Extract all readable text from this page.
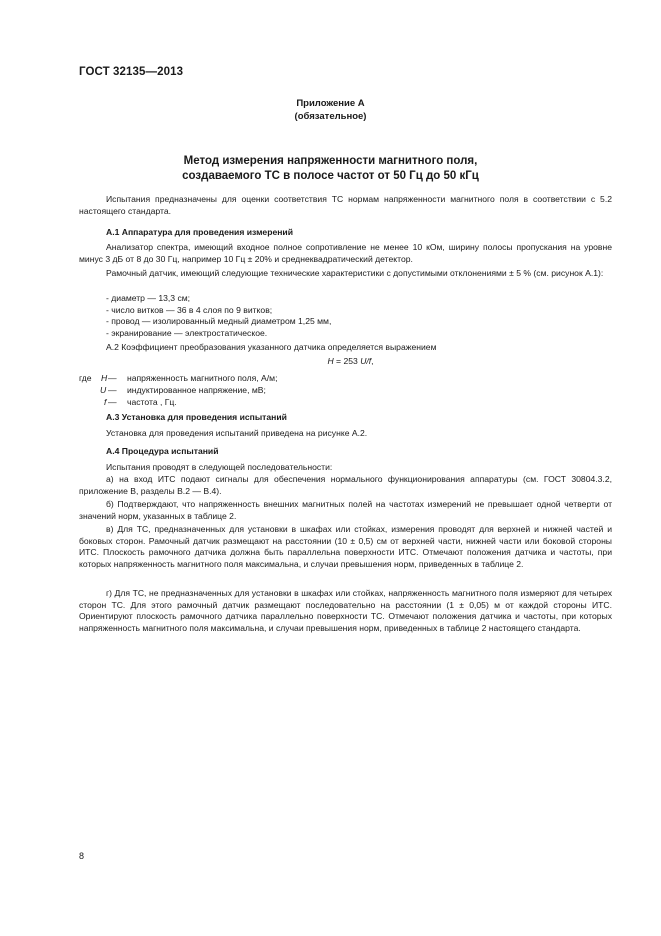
ГОСТ 32135—2013
Приложение А
(обязательное)
Метод измерения напряженности магнитного поля,
создаваемого ТС в полосе частот от 50 Гц до 50 кГц
Испытания предназначены для оценки соответствия ТС нормам напряженности магнитного поля в соответствии с 5.2 настоящего стандарта.
А.1 Аппаратура для проведения измерений
Анализатор спектра, имеющий входное полное сопротивление не менее 10 кОм, ширину полосы пропускания на уровне минус 3 дБ от 8 до 30 Гц, например 10 Гц ± 20% и среднеквадратический детектор.
Рамочный датчик, имеющий следующие технические характеристики с допустимыми отклонениями ± 5 % (см. рисунок А.1):
- диаметр — 13,3 см;
- число витков — 36 в 4 слоя по 9 витков;
- провод — изолированный медный диаметром 1,25 мм,
- экранирование — электростатическое.
А.2 Коэффициент преобразования указанного датчика определяется выражением
H = 253 U/f,
где H — напряженность магнитного поля, А/м;
U — индуктированное напряжение, мВ;
f — частота , Гц.
А.3 Установка для проведения испытаний
Установка для проведения испытаний приведена на рисунке А.2.
А.4 Процедура испытаний
Испытания проводят в следующей последовательности:
а) на вход ИТС подают сигналы для обеспечения нормального функционирования аппаратуры (см. ГОСТ 30804.3.2, приложение В, разделы В.2 — В.4).
б) Подтверждают, что напряженность внешних магнитных полей на частотах измерений не превышает одной четверти от значений норм, указанных в таблице 2.
в) Для ТС, предназначенных для установки в шкафах или стойках, измерения проводят для верхней и нижней частей и боковых сторон. Рамочный датчик размещают на расстоянии (10 ± 0,5) см от верхней части, нижней части или боковой стороны ИТС. Плоскость рамочного датчика должна быть параллельна поверхности ИТС. Отмечают положения датчика и частоты, при которых напряженность магнитного поля максимальна, и случаи превышения норм, приведенных в таблице 2.
г) Для ТС, не предназначенных для установки в шкафах или стойках, напряженность магнитного поля измеряют для четырех сторон ТС. Для этого рамочный датчик размещают последовательно на расстоянии (1 ± 0,05) м от каждой стороны ИТС. Ориентируют плоскость рамочного датчика параллельно поверхности ТС. Отмечают положения датчика и частоты, при которых напряженность магнитного поля максимальна, и случаи превышения норм, приведенных в таблице 2 настоящего стандарта.
8
